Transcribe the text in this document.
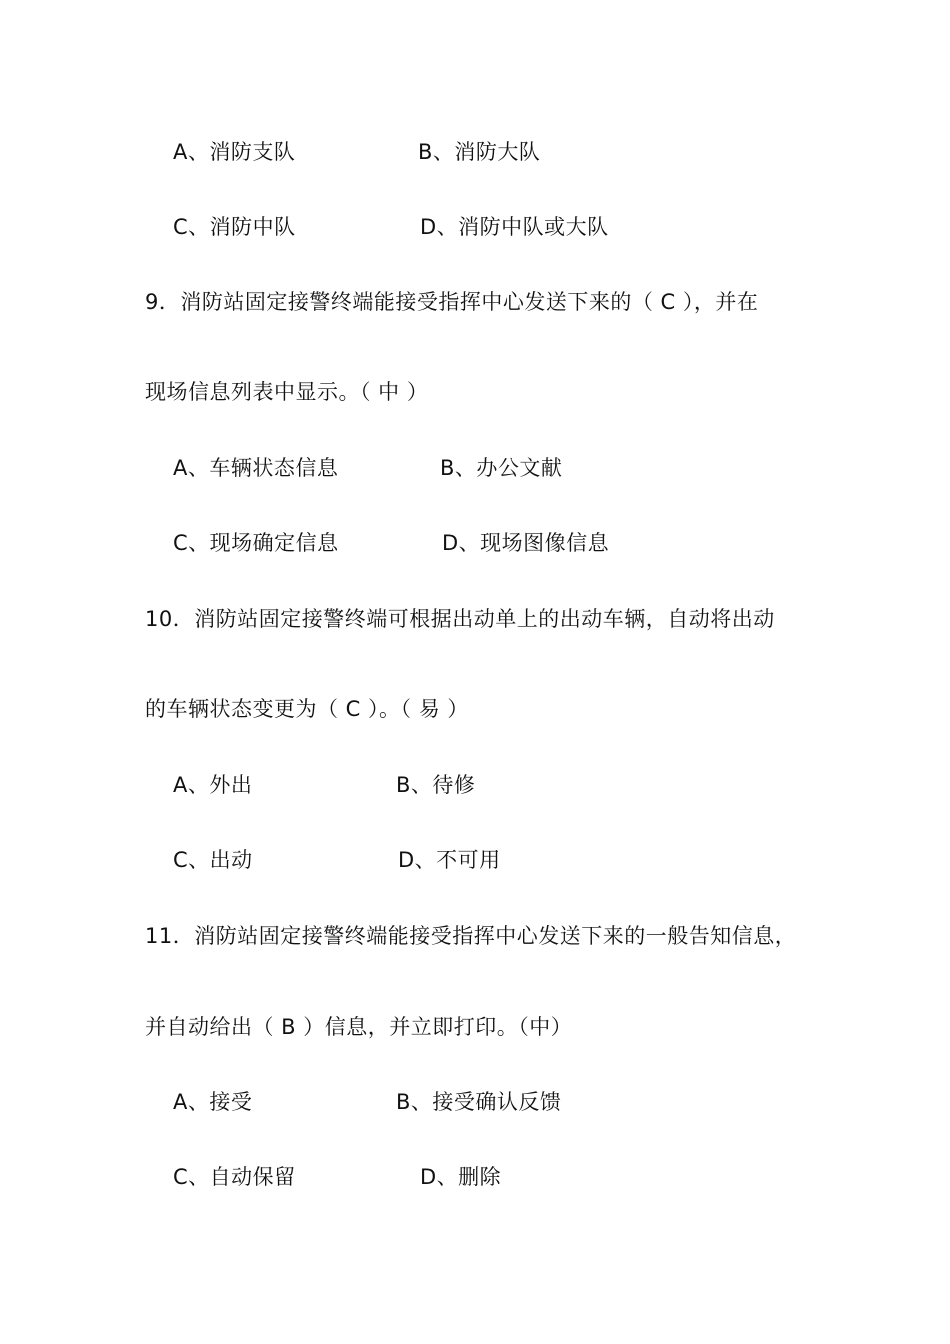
A、消防支队	B、消防大队
C、消防中队	D、消防中队或大队
9．消防站固定接警终端能接受指挥中心发送下来的（ C ），并在
现场信息列表中显示。（ 中 ）
A、车辆状态信息	B、办公文献
C、现场确定信息	D、现场图像信息
10．消防站固定接警终端可根据出动单上的出动车辆，自动将出动
的车辆状态变更为（ C ）。（ 易 ）
A、外出	B、待修
C、出动	D、不可用
11．消防站固定接警终端能接受指挥中心发送下来的一般告知信息，
并自动给出（ B ）信息，并立即打印。（中）
A、接受	B、接受确认反馈
C、自动保留	D、删除
